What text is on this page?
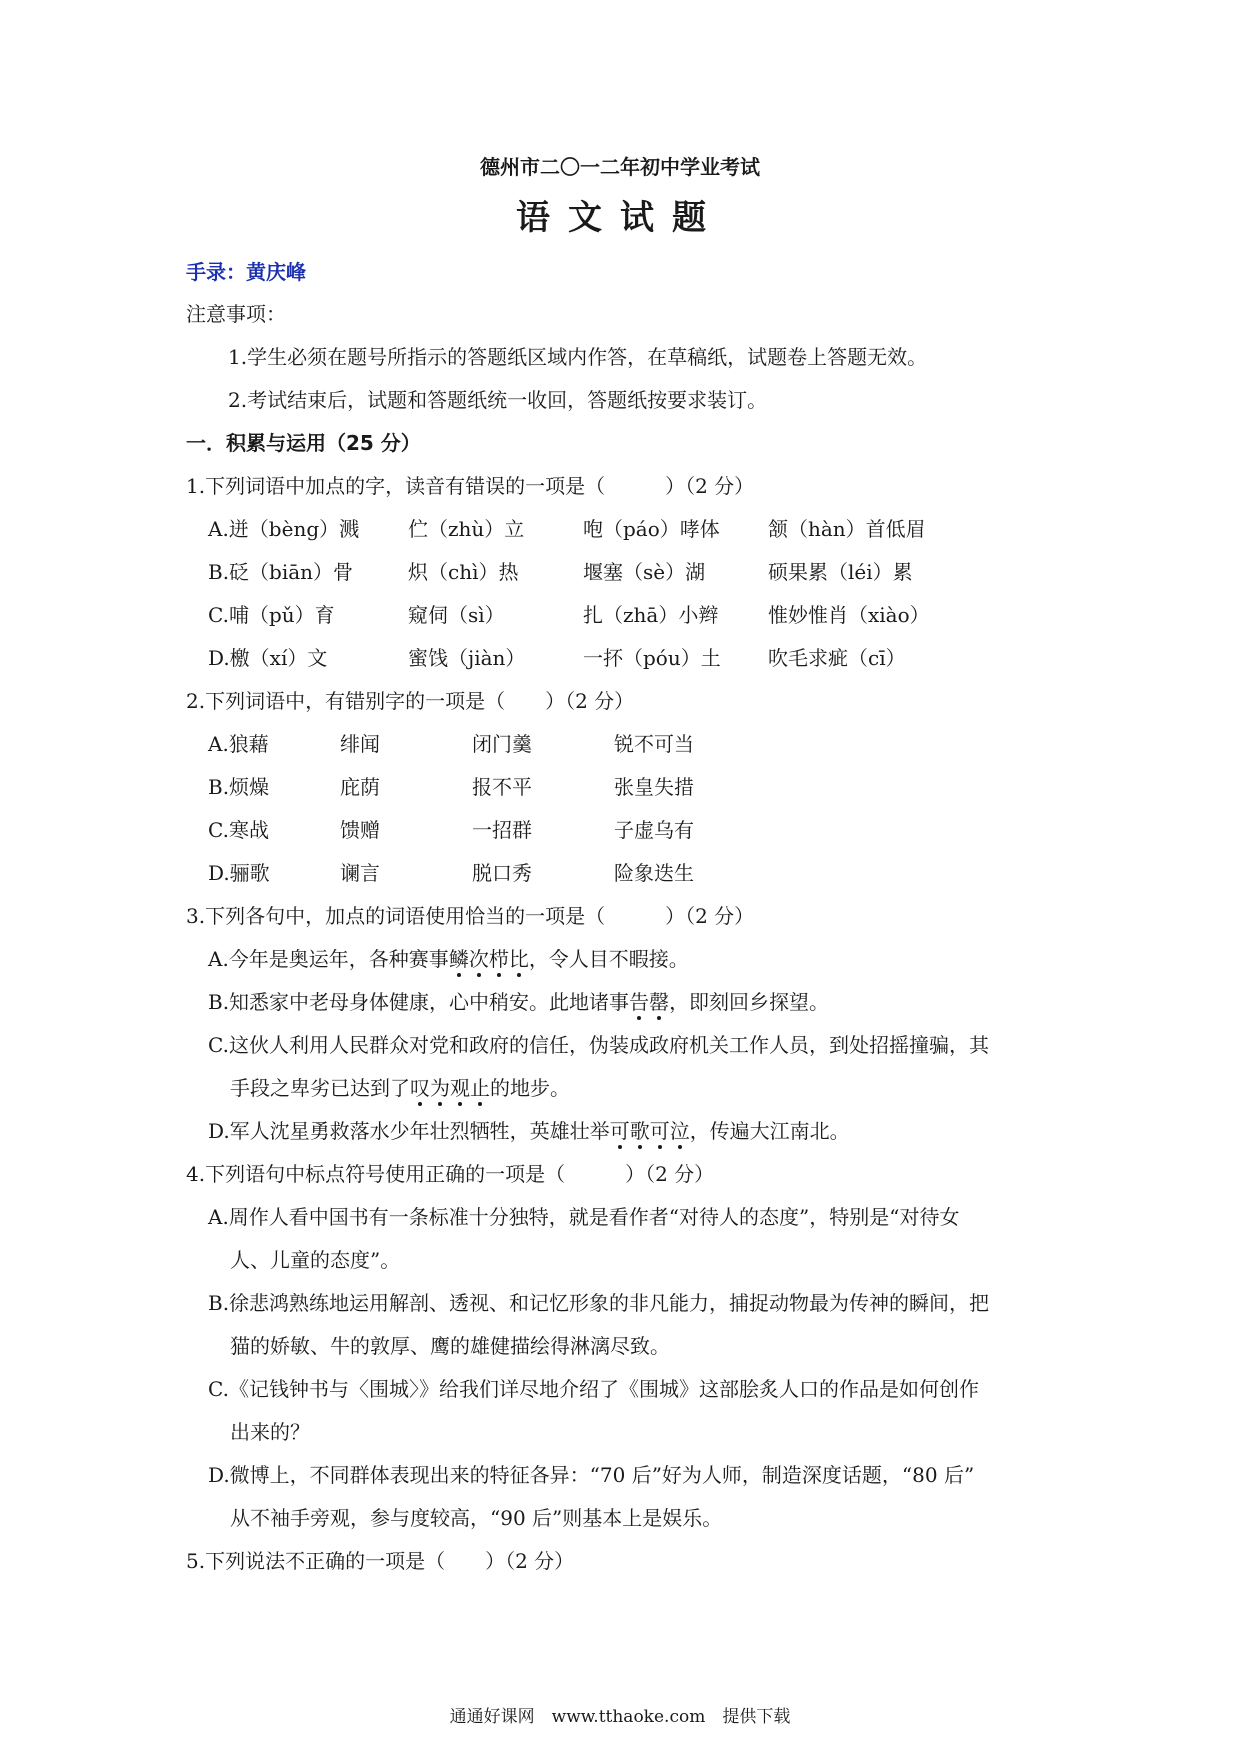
德州市二〇一二年初中学业考试
语文试题
手录：黄庆峰
注意事项：
1.学生必须在题号所指示的答题纸区域内作答，在草稿纸，试题卷上答题无效。
2.考试结束后，试题和答题纸统一收回，答题纸按要求装订。
一．积累与运用（25 分）
1.下列词语中加点的字，读音有错误的一项是（　　　）（2 分）
A.迸（bèng）溅 伫（zhù）立	咆（páo）哮体 颔（hàn）首低眉
B.砭（biān）骨	炽（chì）热	堰塞（sè）湖	硕果累（léi）累
C.哺（pǔ）育	窥伺（sì）	扎（zhā）小辫 惟妙惟肖（xiào）
D.檄（xí）文	蜜饯（jiàn）	一抔（póu）土 吹毛求疵（cī）
2.下列词语中，有错别字的一项是（　　）（2 分）
A.狼藉	绯闻	闭门羹	锐不可当
B.烦燥	庇荫	报不平	张皇失措
C.寒战	馈赠	一招群	子虚乌有
D.骊歌	谰言	脱口秀	险象迭生
3.下列各句中，加点的词语使用恰当的一项是（　　　）（2 分）
A.今年是奥运年，各种赛事鳞次栉比，令人目不暇接。
B.知悉家中老母身体健康，心中稍安。此地诸事告罄，即刻回乡探望。
C.这伙人利用人民群众对党和政府的信任，伪装成政府机关工作人员，到处招摇撞骗，其
手段之卑劣已达到了叹为观止的地步。
D.军人沈星勇救落水少年壮烈牺牲，英雄壮举可歌可泣，传遍大江南北。
4.下列语句中标点符号使用正确的一项是（　　　）（2 分）
A.周作人看中国书有一条标准十分独特，就是看作者“对待人的态度”，特别是“对待女
人、儿童的态度”。
B.徐悲鸿熟练地运用解剖、透视、和记忆形象的非凡能力，捕捉动物最为传神的瞬间，把
猫的娇敏、牛的敦厚、鹰的雄健描绘得淋漓尽致。
C.《记钱钟书与〈围城〉》给我们详尽地介绍了《围城》这部脍炙人口的作品是如何创作
出来的？
D.微博上，不同群体表现出来的特征各异：“70 后”好为人师，制造深度话题，“80 后”
从不袖手旁观，参与度较高，“90 后”则基本上是娱乐。
5.下列说法不正确的一项是（　　）（2 分）
通通好课网　www.tthaoke.com　提供下载
